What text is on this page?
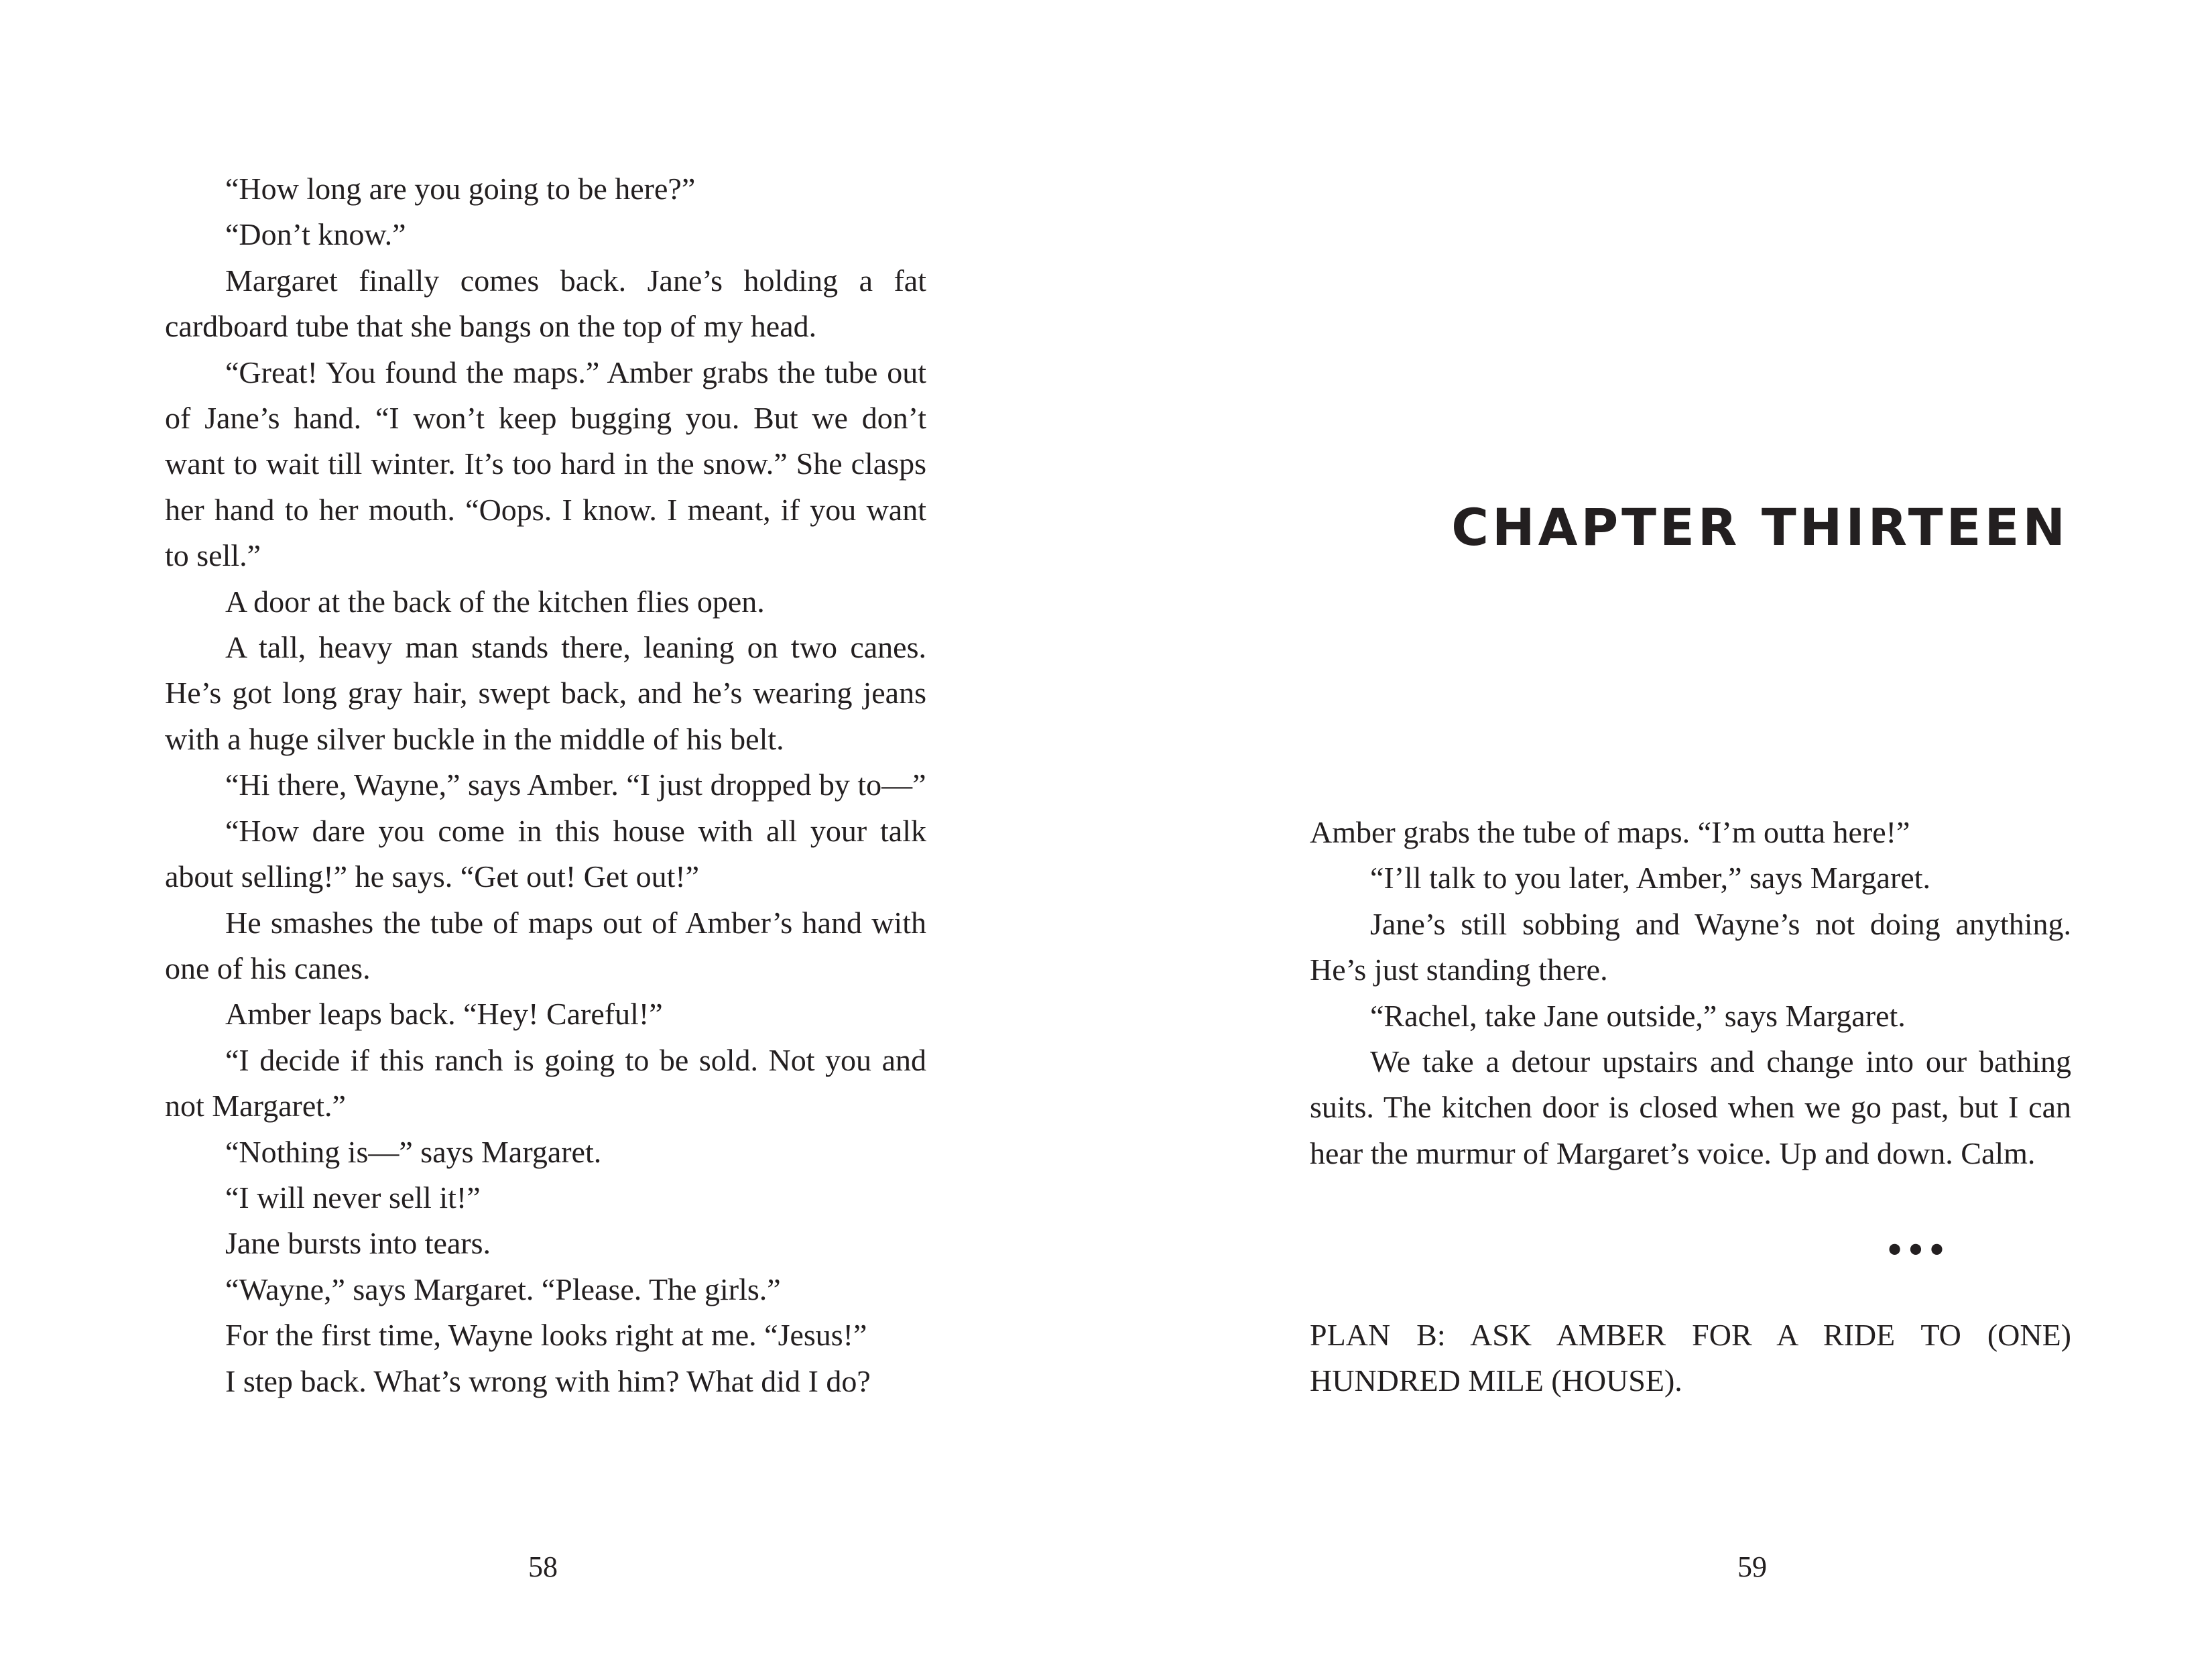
“How long are you going to be here?”

“Don’t know.”

Margaret finally comes back. Jane’s holding a fat cardboard tube that she bangs on the top of my head.

“Great! You found the maps.” Amber grabs the tube out of Jane’s hand. “I won’t keep bugging you. But we don’t want to wait till winter. It’s too hard in the snow.” She clasps her hand to her mouth. “Oops. I know. I meant, if you want to sell.”

A door at the back of the kitchen flies open.

A tall, heavy man stands there, leaning on two canes. He’s got long gray hair, swept back, and he’s wearing jeans with a huge silver buckle in the middle of his belt.

“Hi there, Wayne,” says Amber. “I just dropped by to—”

“How dare you come in this house with all your talk about selling!” he says. “Get out! Get out!”

He smashes the tube of maps out of Amber’s hand with one of his canes.

Amber leaps back. “Hey! Careful!”

“I decide if this ranch is going to be sold. Not you and not Margaret.”

“Nothing is—” says Margaret.

“I will never sell it!”

Jane bursts into tears.

“Wayne,” says Margaret. “Please. The girls.”

For the first time, Wayne looks right at me. “Jesus!”

I step back. What’s wrong with him? What did I do?

58

CHAPTER THIRTEEN

Amber grabs the tube of maps. “I’m outta here!”

“I’ll talk to you later, Amber,” says Margaret.

Jane’s still sobbing and Wayne’s not doing anything. He’s just standing there.

“Rachel, take Jane outside,” says Margaret.

We take a detour upstairs and change into our bathing suits. The kitchen door is closed when we go past, but I can hear the murmur of Margaret’s voice. Up and down. Calm.

•••

PLAN B: ASK AMBER FOR A RIDE TO (ONE) HUNDRED MILE (HOUSE).

59
